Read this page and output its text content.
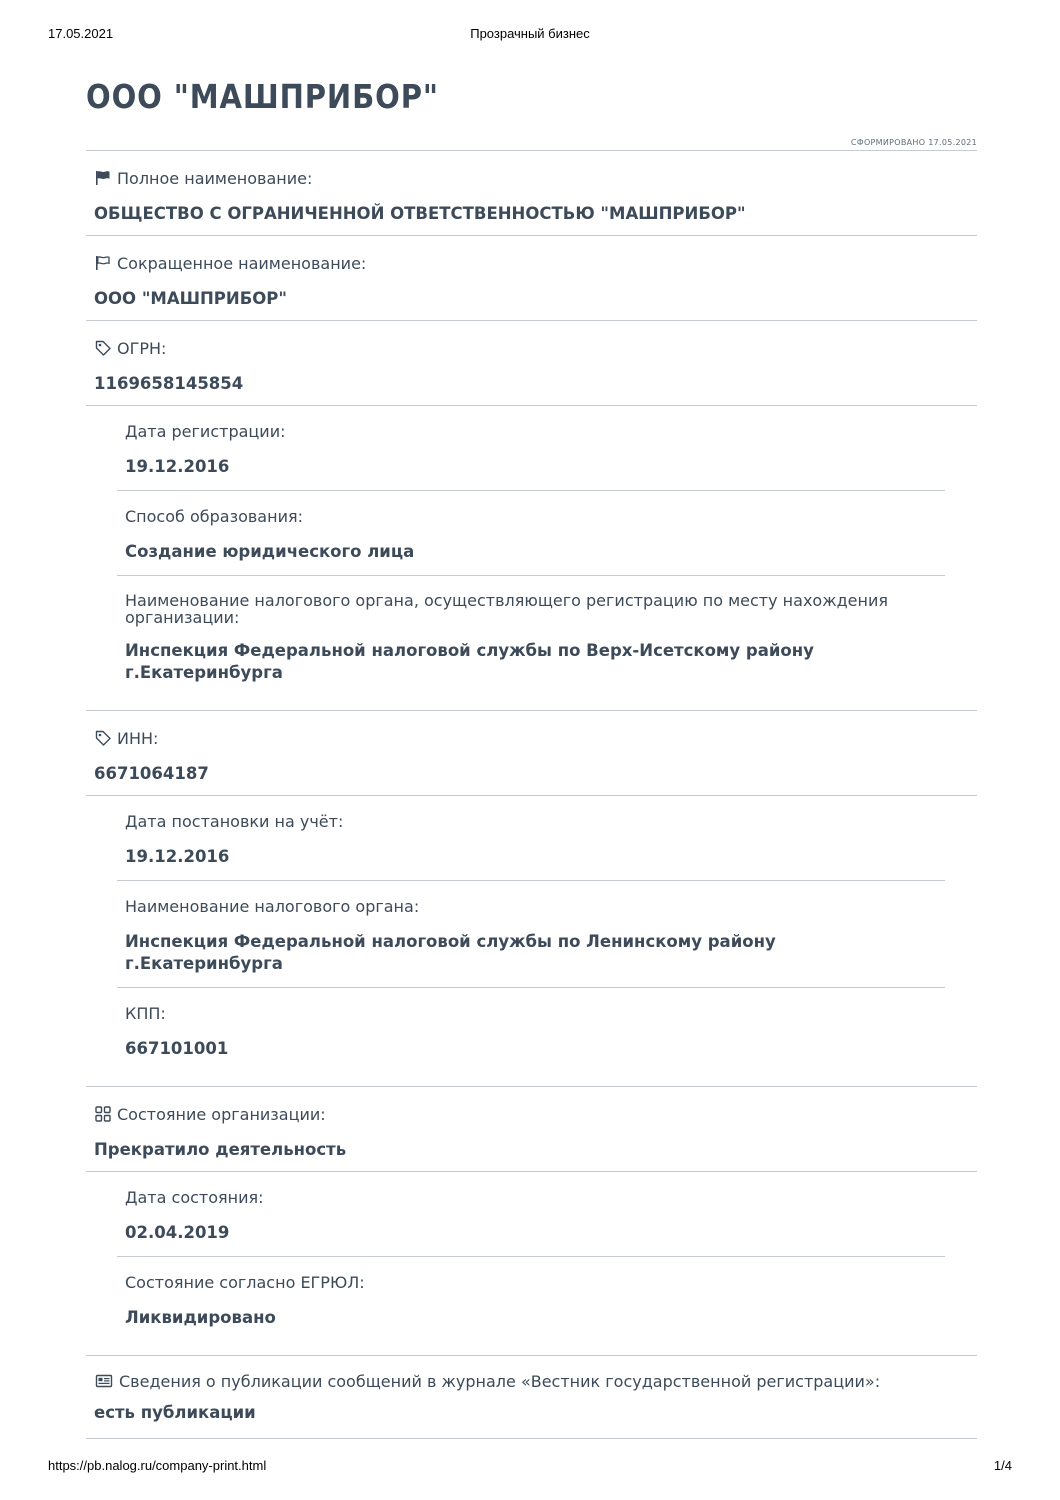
17.05.2021	Прозрачный бизнес
ООО "МАШПРИБОР"
СФОРМИРОВАНО 17.05.2021
Полное наименование:
ОБЩЕСТВО С ОГРАНИЧЕННОЙ ОТВЕТСТВЕННОСТЬЮ "МАШПРИБОР"
Сокращенное наименование:
ООО "МАШПРИБОР"
ОГРН:
1169658145854
Дата регистрации:
19.12.2016
Способ образования:
Создание юридического лица
Наименование налогового органа, осуществляющего регистрацию по месту нахождения организации:
Инспекция Федеральной налоговой службы по Верх-Исетскому району г.Екатеринбурга
ИНН:
6671064187
Дата постановки на учёт:
19.12.2016
Наименование налогового органа:
Инспекция Федеральной налоговой службы по Ленинскому району г.Екатеринбурга
КПП:
667101001
Состояние организации:
Прекратило деятельность
Дата состояния:
02.04.2019
Состояние согласно ЕГРЮЛ:
Ликвидировано
Сведения о публикации сообщений в журнале «Вестник государственной регистрации»:
есть публикации
https://pb.nalog.ru/company-print.html	1/4
